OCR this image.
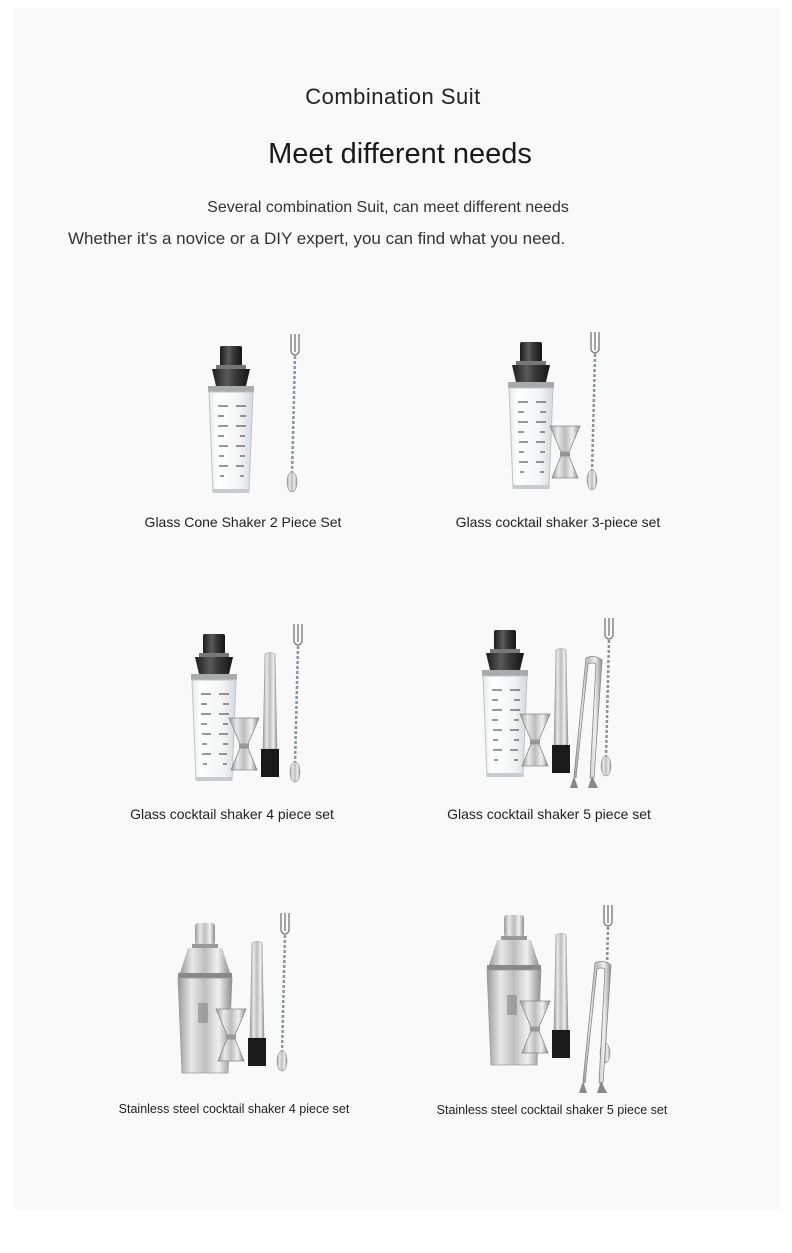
Combination Suit
Meet different needs
Several combination Suit, can meet different needs
Whether it's a novice or a DIY expert, you can find what you need.
Glass Cone Shaker 2 Piece Set	Glass cocktail shaker 3-piece set
Glass cocktail shaker 4 piece set	Glass cocktail shaker 5 piece set
Stainless steel cocktail shaker 4 piece set	Stainless steel cocktail shaker 5 piece set
